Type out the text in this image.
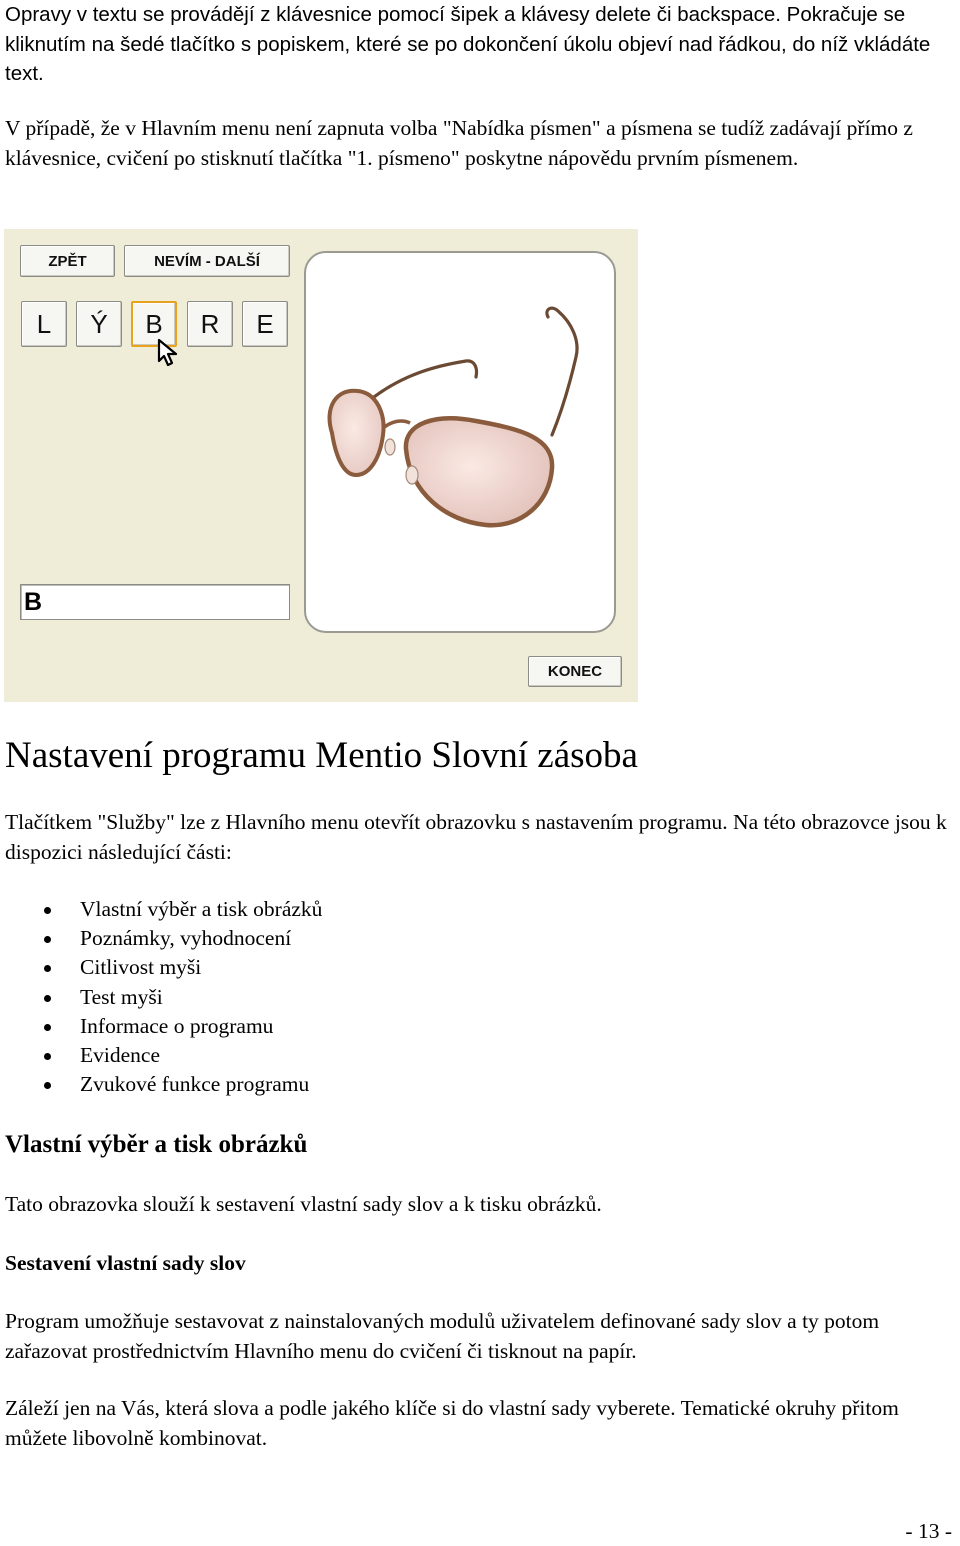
Opravy v textu se provádějí z klávesnice pomocí šipek a klávesy delete či backspace. Pokračuje se kliknutím na šedé tlačítko s popiskem, které se po dokončení úkolu objeví nad řádkou, do níž vkládáte text.

V případě, že v Hlavním menu není zapnuta volba "Nabídka písmen" a písmena se tudíž zadávají přímo z klávesnice, cvičení po stisknutí tlačítka "1. písmeno" poskytne nápovědu prvním písmenem.

ZPĚT	NEVÍM - DALŠÍ
L	Ý	B	R	E
B
KONEC
Nastavení programu Mentio Slovní zásoba

Tlačítkem "Služby" lze z Hlavního menu otevřít obrazovku s nastavením programu. Na této obrazovce jsou k dispozici následující části:

Vlastní výběr a tisk obrázků
Poznámky, vyhodnocení
Citlivost myši
Test myši
Informace o programu
Evidence
Zvukové funkce programu
Vlastní výběr a tisk obrázků

Tato obrazovka slouží k sestavení vlastní sady slov a k tisku obrázků.

Sestavení vlastní sady slov

Program umožňuje sestavovat z nainstalovaných modulů uživatelem definované sady slov a ty potom zařazovat prostřednictvím Hlavního menu do cvičení či tisknout na papír.

Záleží jen na Vás, která slova a podle jakého klíče si do vlastní sady vyberete. Tematické okruhy přitom můžete libovolně kombinovat.

- 13 -
